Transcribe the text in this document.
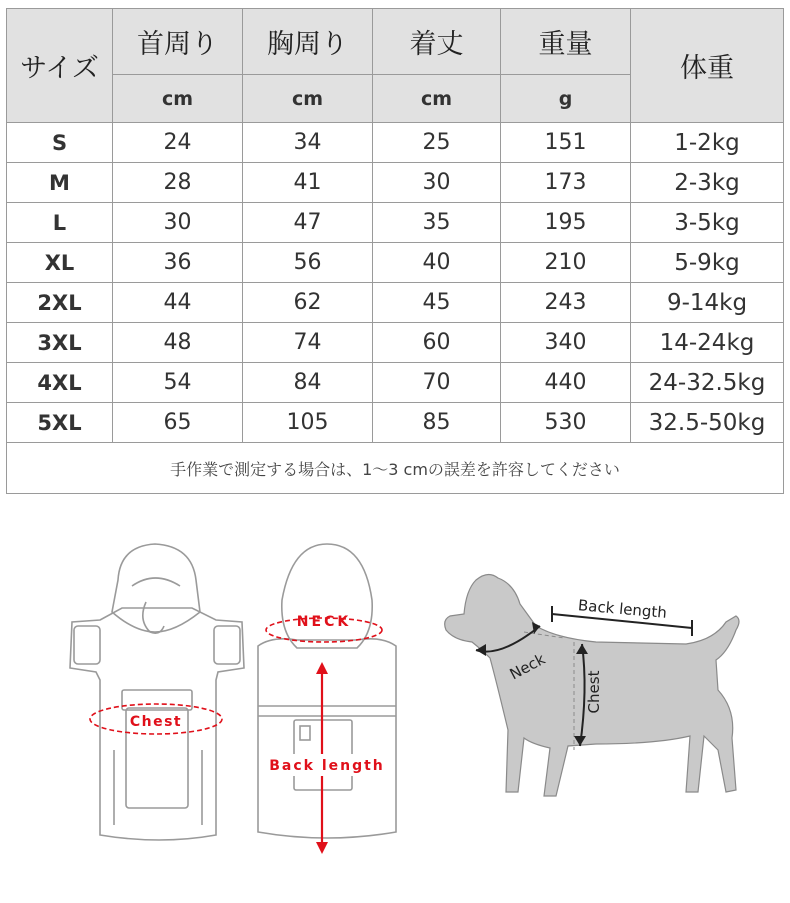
サイズ	首周り	胸周り	着丈	重量	体重
	cm	cm	cm	g	
S	24	34	25	151	1-2kg
M	28	41	30	173	2-3kg
L	30	47	35	195	3-5kg
XL	36	56	40	210	5-9kg
2XL	44	62	45	243	9-14kg
3XL	48	74	60	340	14-24kg
4XL	54	84	70	440	24-32.5kg
5XL	65	105	85	530	32.5-50kg
手作業で測定する場合は、1〜3 cmの誤差を許容してください					
Chest
NECK
Back length
Back length
Neck
Chest
